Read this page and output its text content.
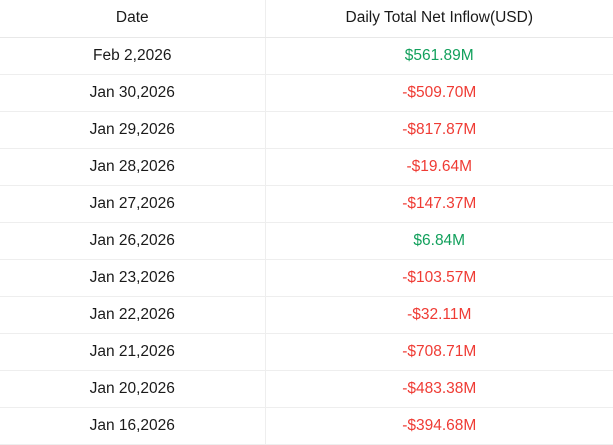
Date	Daily Total Net Inflow(USD)
Feb 2,2026	$561.89M
Jan 30,2026	-$509.70M
Jan 29,2026	-$817.87M
Jan 28,2026	-$19.64M
Jan 27,2026	-$147.37M
Jan 26,2026	$6.84M
Jan 23,2026	-$103.57M
Jan 22,2026	-$32.11M
Jan 21,2026	-$708.71M
Jan 20,2026	-$483.38M
Jan 16,2026	-$394.68M
